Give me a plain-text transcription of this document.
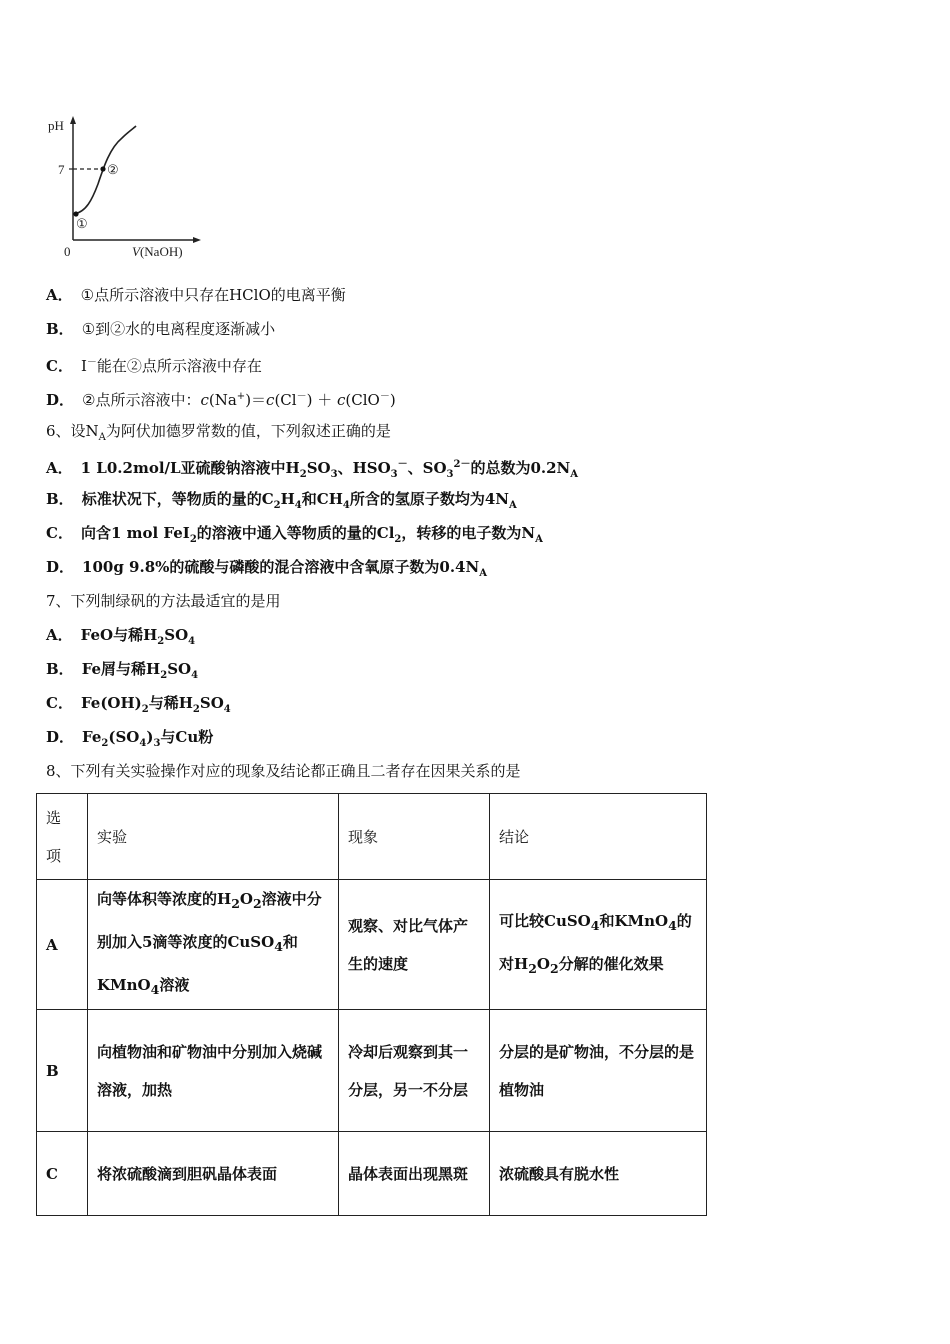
pH
7
0
①
②
V(NaOH)
A． ①点所示溶液中只存在HClO的电离平衡
B． ①到②水的电离程度逐渐减小
C． I－能在②点所示溶液中存在
D． ②点所示溶液中：c(Na+)＝c(Cl－) ＋ c(ClO－)
6、设$N_A$为阿伏加德罗常数的值，下列叙述正确的是
A． 1 L0.2mol/L亚硫酸钠溶液中$H_2SO_3$、$HSO_3^-$、$SO_3^{2-}$的总数为$0.2N_A$
B． 标准状况下，等物质的量的$C_2H_4$和$CH_4$所含的氢原子数均为$4N_A$
C． 向含1 mol FeI$_2$的溶液中通入等物质的量的$Cl_2$，转移的电子数为$N_A$
D． 100g 9.8%的硫酸与磷酸的混合溶液中含氧原子数为$0.4N_A$
7、下列制绿矾的方法最适宜的是用
A． FeO与稀$H_2SO_4$
B． Fe屑与稀$H_2SO_4$
C． $Fe(OH)_2$与稀$H_2SO_4$
D． $Fe_2(SO_4)_3$与Cu粉
8、下列有关实验操作对应的现象及结论都正确且二者存在因果关系的是
选
项	实验	现象	结论
A	向等体积等浓度的$H_2O_2$溶液中分别加入5滴等浓度的CuSO$_4$和KMnO$_4$溶液	观察、对比气体产生的速度	可比较CuSO$_4$和KMnO$_4$的对$H_2O_2$分解的催化效果
B	向植物油和矿物油中分别加入烧碱溶液，加热	冷却后观察到其一分层，另一不分层	分层的是矿物油，不分层的是植物油
C	将浓硫酸滴到胆矾晶体表面	晶体表面出现黑斑	浓硫酸具有脱水性
